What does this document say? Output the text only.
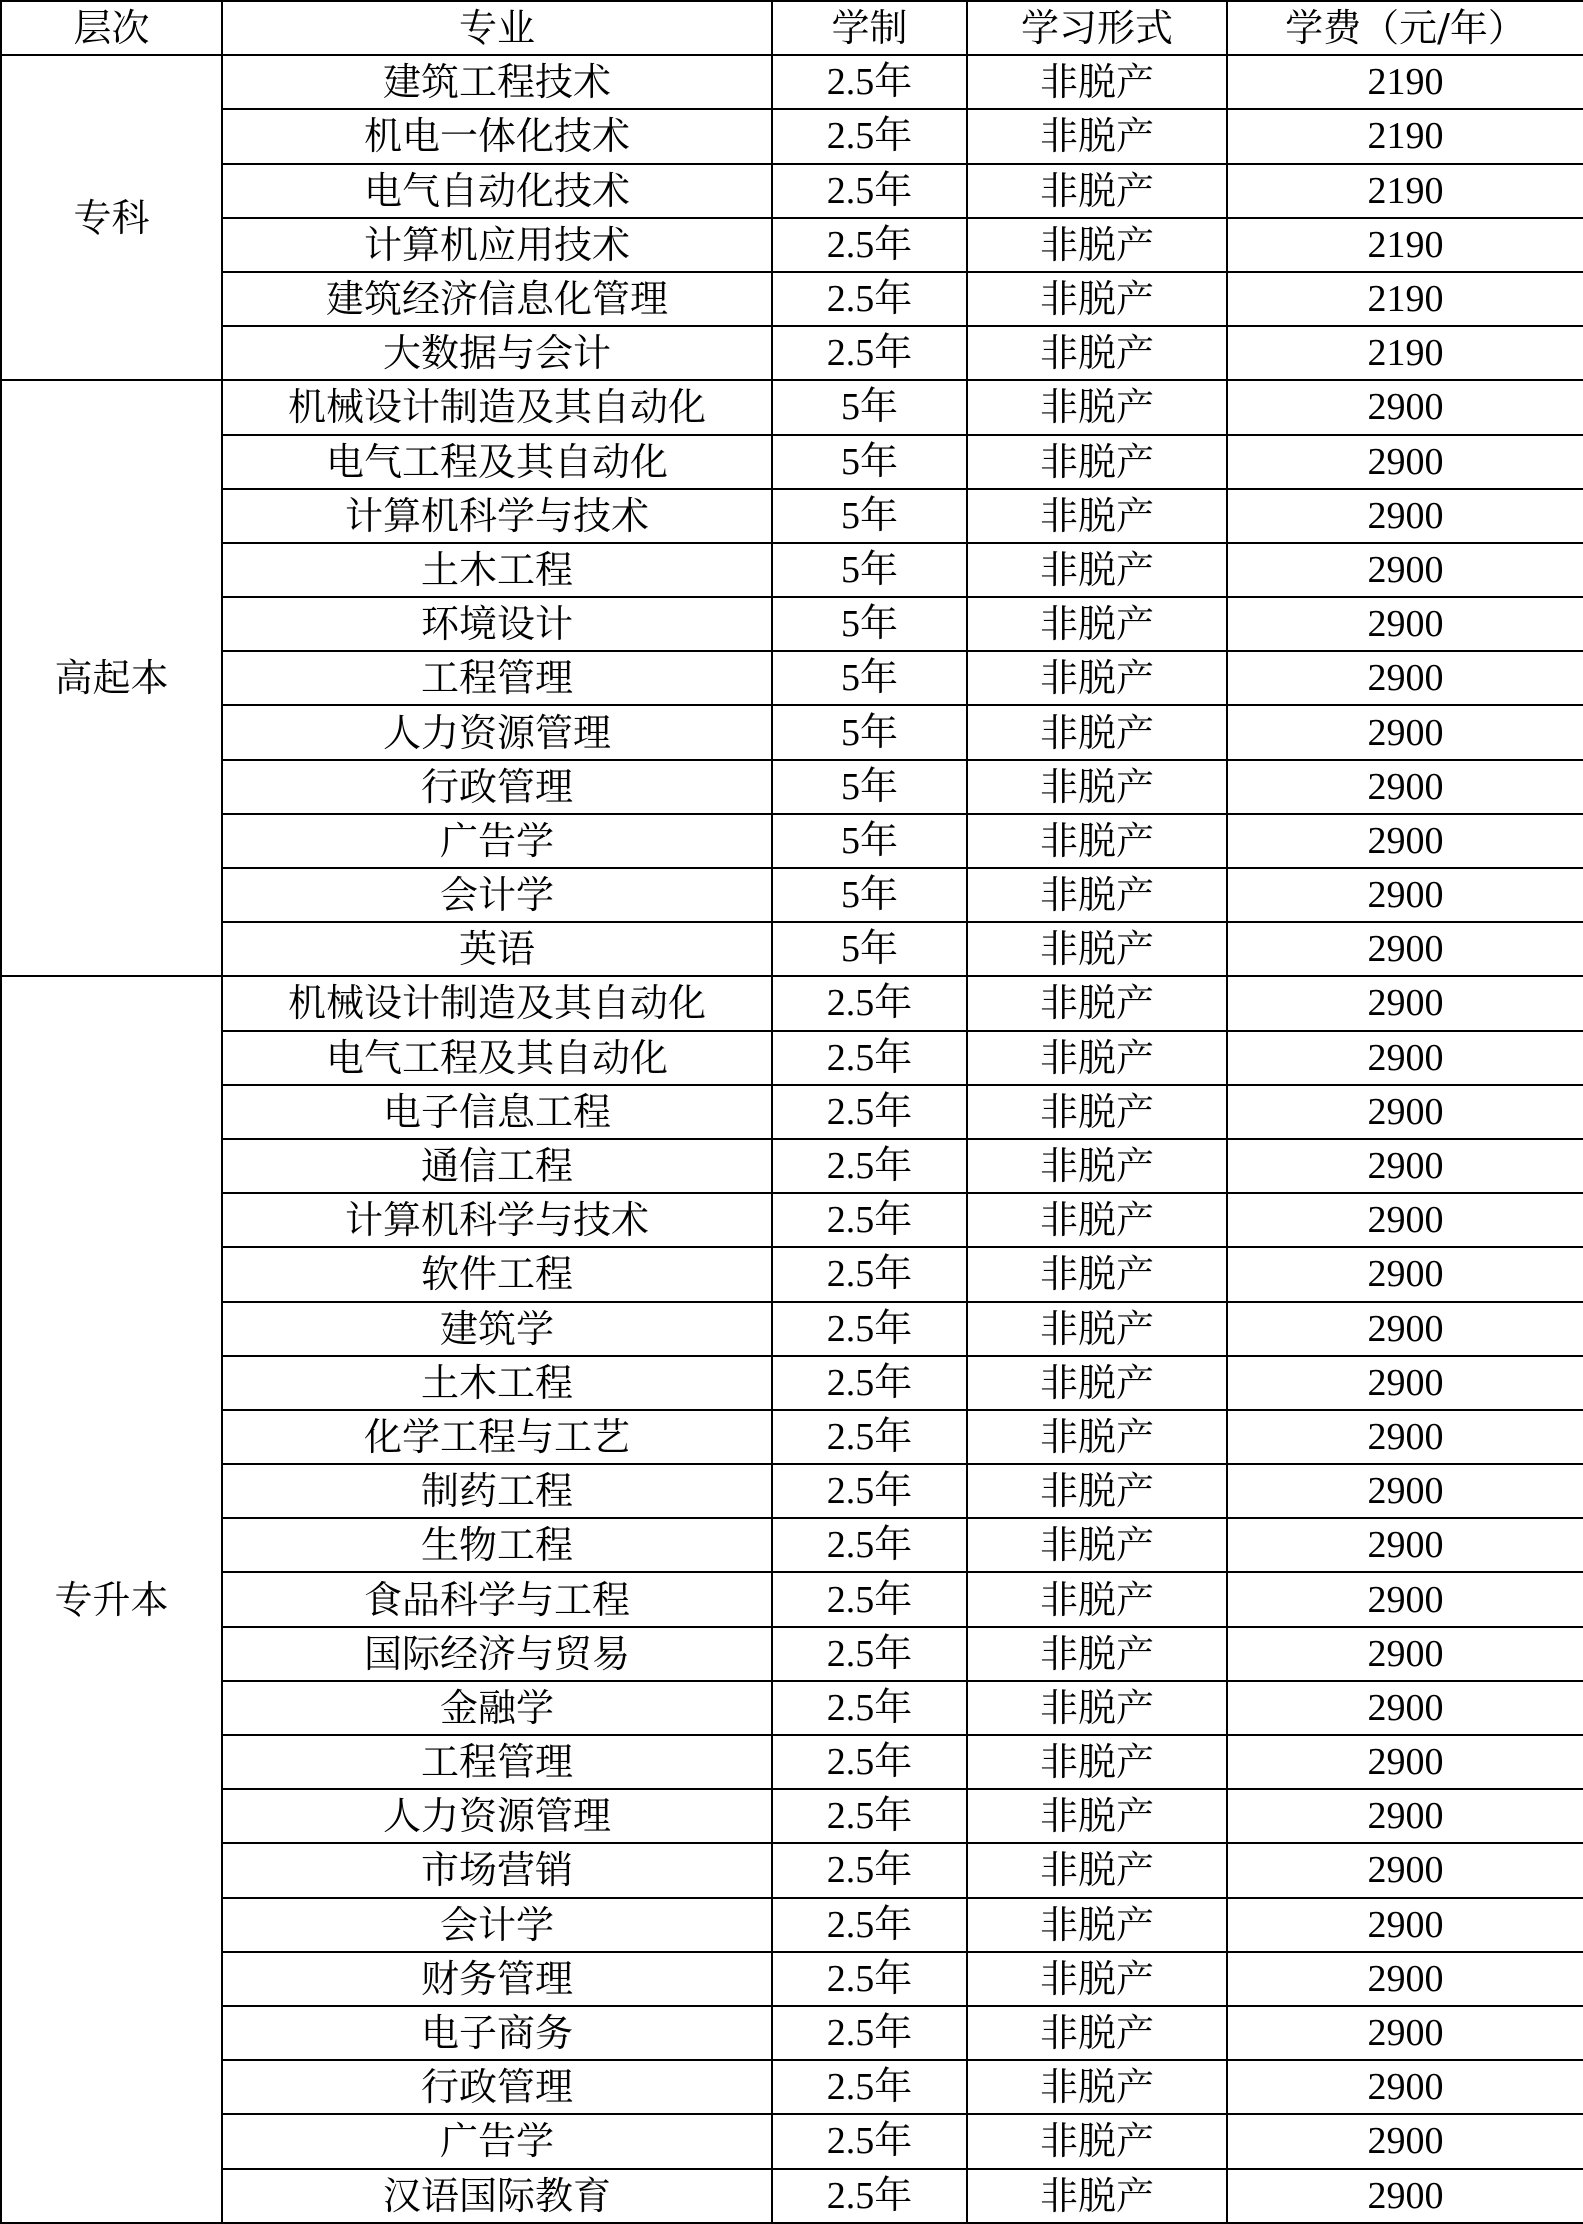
层次	专业	学制	学习形式	学费（元/年）
专科	建筑工程技术	2.5年	非脱产	2190
	机电一体化技术	2.5年	非脱产	2190
	电气自动化技术	2.5年	非脱产	2190
	计算机应用技术	2.5年	非脱产	2190
	建筑经济信息化管理	2.5年	非脱产	2190
	大数据与会计	2.5年	非脱产	2190
高起本	机械设计制造及其自动化	5年	非脱产	2900
	电气工程及其自动化	5年	非脱产	2900
	计算机科学与技术	5年	非脱产	2900
	土木工程	5年	非脱产	2900
	环境设计	5年	非脱产	2900
	工程管理	5年	非脱产	2900
	人力资源管理	5年	非脱产	2900
	行政管理	5年	非脱产	2900
	广告学	5年	非脱产	2900
	会计学	5年	非脱产	2900
	英语	5年	非脱产	2900
专升本	机械设计制造及其自动化	2.5年	非脱产	2900
	电气工程及其自动化	2.5年	非脱产	2900
	电子信息工程	2.5年	非脱产	2900
	通信工程	2.5年	非脱产	2900
	计算机科学与技术	2.5年	非脱产	2900
	软件工程	2.5年	非脱产	2900
	建筑学	2.5年	非脱产	2900
	土木工程	2.5年	非脱产	2900
	化学工程与工艺	2.5年	非脱产	2900
	制药工程	2.5年	非脱产	2900
	生物工程	2.5年	非脱产	2900
	食品科学与工程	2.5年	非脱产	2900
	国际经济与贸易	2.5年	非脱产	2900
	金融学	2.5年	非脱产	2900
	工程管理	2.5年	非脱产	2900
	人力资源管理	2.5年	非脱产	2900
	市场营销	2.5年	非脱产	2900
	会计学	2.5年	非脱产	2900
	财务管理	2.5年	非脱产	2900
	电子商务	2.5年	非脱产	2900
	行政管理	2.5年	非脱产	2900
	广告学	2.5年	非脱产	2900
	汉语国际教育	2.5年	非脱产	2900
